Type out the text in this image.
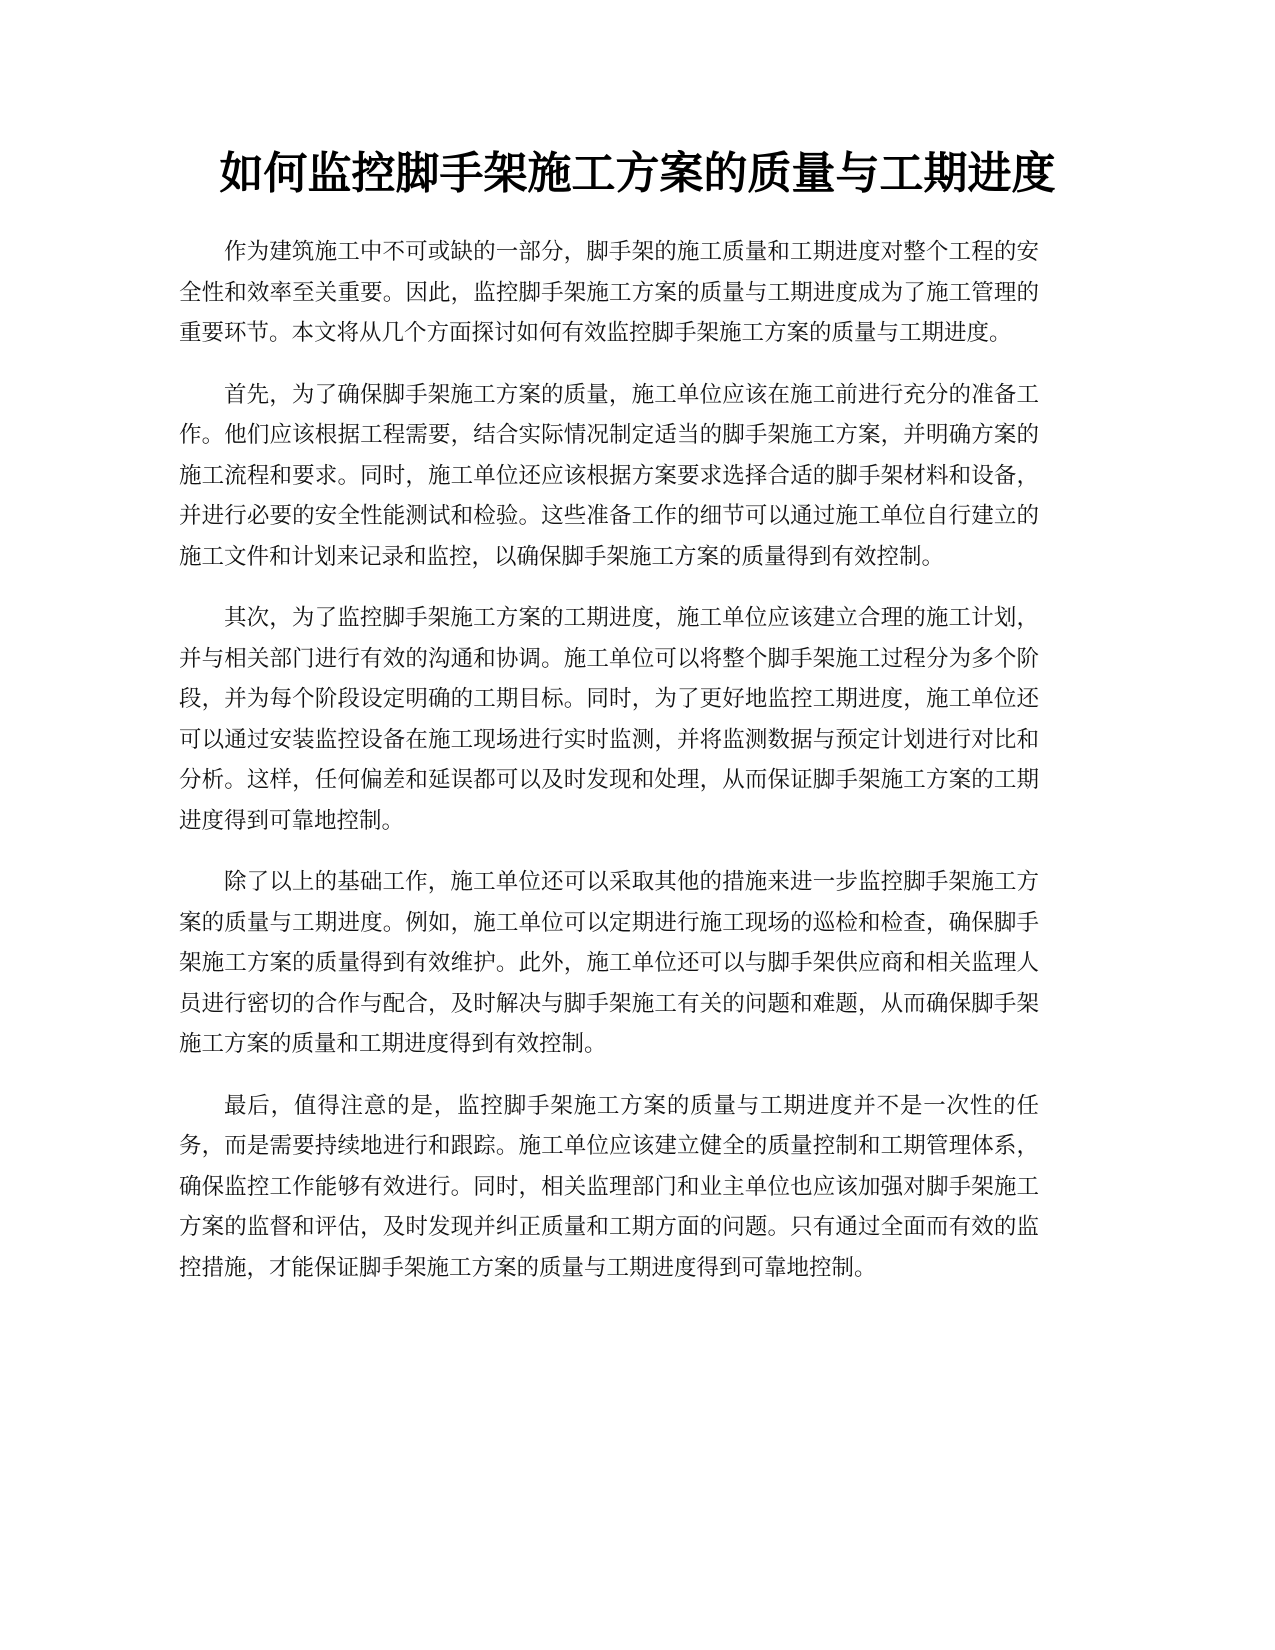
如何监控脚手架施工方案的质量与工期进度

作为建筑施工中不可或缺的一部分，脚手架的施工质量和工期进度对整个工程的安全性和效率至关重要。因此，监控脚手架施工方案的质量与工期进度成为了施工管理的重要环节。本文将从几个方面探讨如何有效监控脚手架施工方案的质量与工期进度。

首先，为了确保脚手架施工方案的质量，施工单位应该在施工前进行充分的准备工作。他们应该根据工程需要，结合实际情况制定适当的脚手架施工方案，并明确方案的施工流程和要求。同时，施工单位还应该根据方案要求选择合适的脚手架材料和设备，并进行必要的安全性能测试和检验。这些准备工作的细节可以通过施工单位自行建立的施工文件和计划来记录和监控，以确保脚手架施工方案的质量得到有效控制。

其次，为了监控脚手架施工方案的工期进度，施工单位应该建立合理的施工计划，并与相关部门进行有效的沟通和协调。施工单位可以将整个脚手架施工过程分为多个阶段，并为每个阶段设定明确的工期目标。同时，为了更好地监控工期进度，施工单位还可以通过安装监控设备在施工现场进行实时监测，并将监测数据与预定计划进行对比和分析。这样，任何偏差和延误都可以及时发现和处理，从而保证脚手架施工方案的工期进度得到可靠地控制。

除了以上的基础工作，施工单位还可以采取其他的措施来进一步监控脚手架施工方案的质量与工期进度。例如，施工单位可以定期进行施工现场的巡检和检查，确保脚手架施工方案的质量得到有效维护。此外，施工单位还可以与脚手架供应商和相关监理人员进行密切的合作与配合，及时解决与脚手架施工有关的问题和难题，从而确保脚手架施工方案的质量和工期进度得到有效控制。

最后，值得注意的是，监控脚手架施工方案的质量与工期进度并不是一次性的任务，而是需要持续地进行和跟踪。施工单位应该建立健全的质量控制和工期管理体系，确保监控工作能够有效进行。同时，相关监理部门和业主单位也应该加强对脚手架施工方案的监督和评估，及时发现并纠正质量和工期方面的问题。只有通过全面而有效的监控措施，才能保证脚手架施工方案的质量与工期进度得到可靠地控制。
